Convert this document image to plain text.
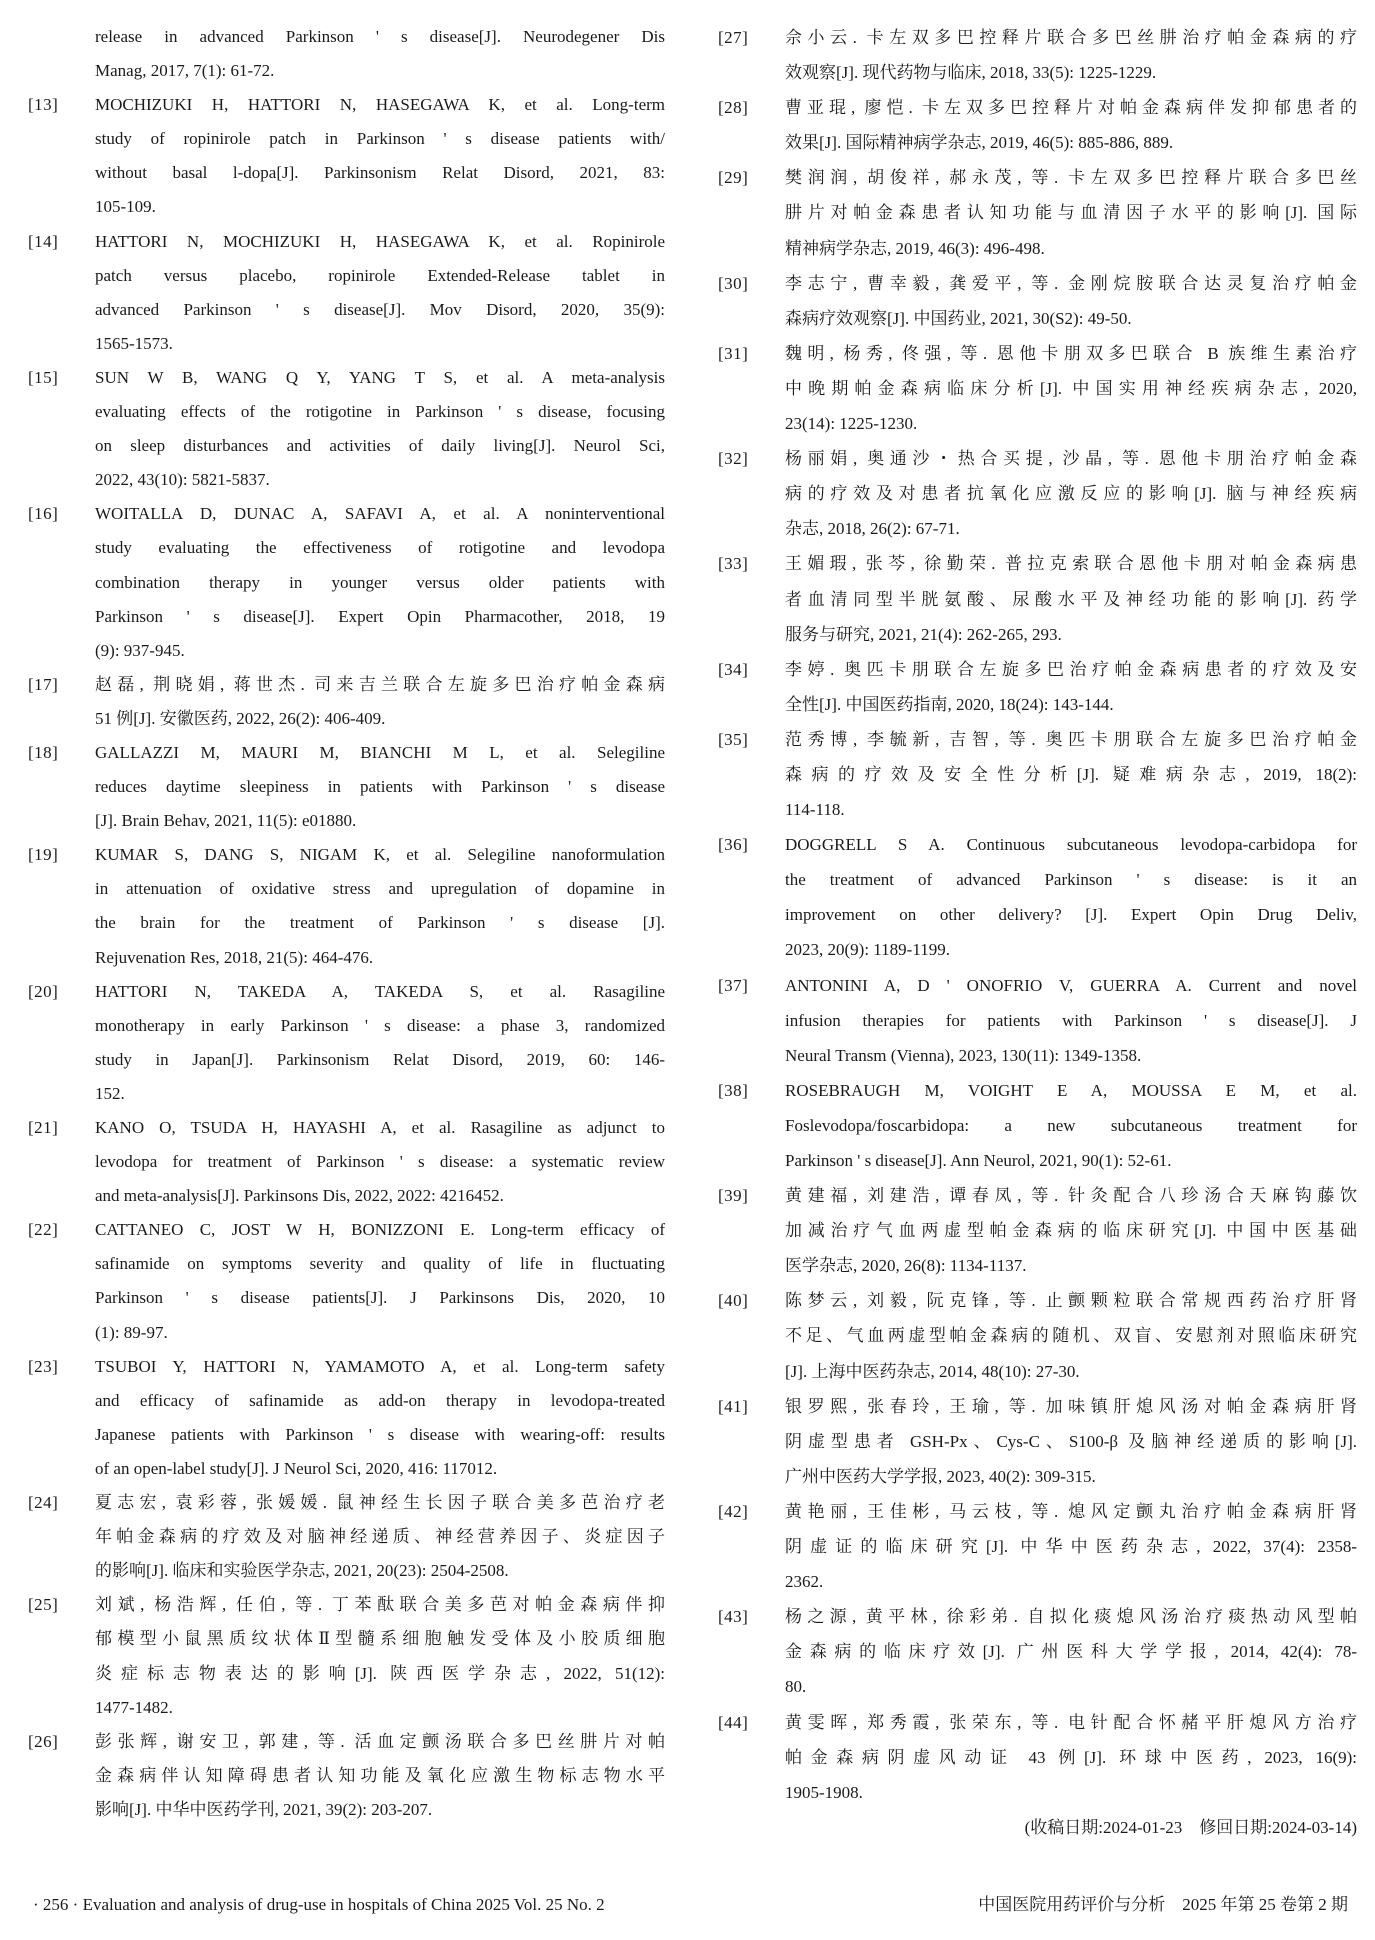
release in advanced Parkinson ' s disease[J]. Neurodegener Dis
Manag, 2017, 7(1): 61-72.
[13] MOCHIZUKI H, HATTORI N, HASEGAWA K, et al. Long-term
study of ropinirole patch in Parkinson ' s disease patients with/
without basal l-dopa[J]. Parkinsonism Relat Disord, 2021, 83:
105-109.
[14] HATTORI N, MOCHIZUKI H, HASEGAWA K, et al. Ropinirole
patch versus placebo, ropinirole Extended-Release tablet in
advanced Parkinson ' s disease[J]. Mov Disord, 2020, 35(9):
1565-1573.
[15] SUN W B, WANG Q Y, YANG T S, et al. A meta-analysis
evaluating effects of the rotigotine in Parkinson ' s disease, focusing
on sleep disturbances and activities of daily living[J]. Neurol Sci,
2022, 43(10): 5821-5837.
[16] WOITALLA D, DUNAC A, SAFAVI A, et al. A noninterventional
study evaluating the effectiveness of rotigotine and levodopa
combination therapy in younger versus older patients with
Parkinson ' s disease[J]. Expert Opin Pharmacother, 2018, 19
(9): 937-945.
[17] 赵磊, 荆晓娟, 蒋世杰. 司来吉兰联合左旋多巴治疗帕金森病
51 例[J]. 安徽医药, 2022, 26(2): 406-409.
[18] GALLAZZI M, MAURI M, BIANCHI M L, et al. Selegiline
reduces daytime sleepiness in patients with Parkinson ' s disease
[J]. Brain Behav, 2021, 11(5): e01880.
[19] KUMAR S, DANG S, NIGAM K, et al. Selegiline nanoformulation
in attenuation of oxidative stress and upregulation of dopamine in
the brain for the treatment of Parkinson ' s disease [J].
Rejuvenation Res, 2018, 21(5): 464-476.
[20] HATTORI N, TAKEDA A, TAKEDA S, et al. Rasagiline
monotherapy in early Parkinson ' s disease: a phase 3, randomized
study in Japan[J]. Parkinsonism Relat Disord, 2019, 60: 146-
152.
[21] KANO O, TSUDA H, HAYASHI A, et al. Rasagiline as adjunct to
levodopa for treatment of Parkinson ' s disease: a systematic review
and meta-analysis[J]. Parkinsons Dis, 2022, 2022: 4216452.
[22] CATTANEO C, JOST W H, BONIZZONI E. Long-term efficacy of
safinamide on symptoms severity and quality of life in fluctuating
Parkinson ' s disease patients[J]. J Parkinsons Dis, 2020, 10
(1): 89-97.
[23] TSUBOI Y, HATTORI N, YAMAMOTO A, et al. Long-term safety
and efficacy of safinamide as add-on therapy in levodopa-treated
Japanese patients with Parkinson ' s disease with wearing-off: results
of an open-label study[J]. J Neurol Sci, 2020, 416: 117012.
[24] 夏志宏, 袁彩蓉, 张媛媛. 鼠神经生长因子联合美多芭治疗老
年帕金森病的疗效及对脑神经递质、神经营养因子、炎症因子
的影响[J]. 临床和实验医学杂志, 2021, 20(23): 2504-2508.
[25] 刘斌, 杨浩辉, 任伯, 等. 丁苯酞联合美多芭对帕金森病伴抑
郁模型小鼠黑质纹状体Ⅱ型髓系细胞触发受体及小胶质细胞
炎症标志物表达的影响[J]. 陕西医学杂志, 2022, 51(12):
1477-1482.
[26] 彭张辉, 谢安卫, 郭建, 等. 活血定颤汤联合多巴丝肼片对帕
金森病伴认知障碍患者认知功能及氧化应激生物标志物水平
影响[J]. 中华中医药学刊, 2021, 39(2): 203-207.
[27] 佘小云. 卡左双多巴控释片联合多巴丝肼治疗帕金森病的疗
效观察[J]. 现代药物与临床, 2018, 33(5): 1225-1229.
[28] 曹亚琨, 廖恺. 卡左双多巴控释片对帕金森病伴发抑郁患者的
效果[J]. 国际精神病学杂志, 2019, 46(5): 885-886, 889.
[29] 樊润润, 胡俊祥, 郝永茂, 等. 卡左双多巴控释片联合多巴丝
肼片对帕金森患者认知功能与血清因子水平的影响[J]. 国际
精神病学杂志, 2019, 46(3): 496-498.
[30] 李志宁, 曹幸毅, 龚爱平, 等. 金刚烷胺联合达灵复治疗帕金
森病疗效观察[J]. 中国药业, 2021, 30(S2): 49-50.
[31] 魏明, 杨秀, 佟强, 等. 恩他卡朋双多巴联合 B 族维生素治疗
中晚期帕金森病临床分析[J]. 中国实用神经疾病杂志, 2020,
23(14): 1225-1230.
[32] 杨丽娟, 奥通沙・热合买提, 沙晶, 等. 恩他卡朋治疗帕金森
病的疗效及对患者抗氧化应激反应的影响[J]. 脑与神经疾病
杂志, 2018, 26(2): 67-71.
[33] 王媚瑕, 张芩, 徐勤荣. 普拉克索联合恩他卡朋对帕金森病患
者血清同型半胱氨酸、尿酸水平及神经功能的影响[J]. 药学
服务与研究, 2021, 21(4): 262-265, 293.
[34] 李婷. 奥匹卡朋联合左旋多巴治疗帕金森病患者的疗效及安
全性[J]. 中国医药指南, 2020, 18(24): 143-144.
[35] 范秀博, 李毓新, 吉智, 等. 奥匹卡朋联合左旋多巴治疗帕金
森病的疗效及安全性分析[J]. 疑难病杂志, 2019, 18(2):
114-118.
[36] DOGGRELL S A. Continuous subcutaneous levodopa-carbidopa for
the treatment of advanced Parkinson ' s disease: is it an
improvement on other delivery? [J]. Expert Opin Drug Deliv,
2023, 20(9): 1189-1199.
[37] ANTONINI A, D ' ONOFRIO V, GUERRA A. Current and novel
infusion therapies for patients with Parkinson ' s disease[J]. J
Neural Transm (Vienna), 2023, 130(11): 1349-1358.
[38] ROSEBRAUGH M, VOIGHT E A, MOUSSA E M, et al.
Foslevodopa/foscarbidopa: a new subcutaneous treatment for
Parkinson ' s disease[J]. Ann Neurol, 2021, 90(1): 52-61.
[39] 黄建福, 刘建浩, 谭春凤, 等. 针灸配合八珍汤合天麻钩藤饮
加减治疗气血两虚型帕金森病的临床研究[J]. 中国中医基础
医学杂志, 2020, 26(8): 1134-1137.
[40] 陈梦云, 刘毅, 阮克锋, 等. 止颤颗粒联合常规西药治疗肝肾
不足、气血两虚型帕金森病的随机、双盲、安慰剂对照临床研究
[J]. 上海中医药杂志, 2014, 48(10): 27-30.
[41] 银罗熙, 张春玲, 王瑜, 等. 加味镇肝熄风汤对帕金森病肝肾
阴虚型患者 GSH-Px、Cys-C、S100-β 及脑神经递质的影响[J].
广州中医药大学学报, 2023, 40(2): 309-315.
[42] 黄艳丽, 王佳彬, 马云枝, 等. 熄风定颤丸治疗帕金森病肝肾
阴虚证的临床研究[J]. 中华中医药杂志, 2022, 37(4): 2358-
2362.
[43] 杨之源, 黄平林, 徐彩弟. 自拟化痰熄风汤治疗痰热动风型帕
金森病的临床疗效[J]. 广州医科大学学报, 2014, 42(4): 78-
80.
[44] 黄雯晖, 郑秀霞, 张荣东, 等. 电针配合怀赭平肝熄风方治疗
帕金森病阴虚风动证 43 例[J]. 环球中医药, 2023, 16(9):
1905-1908.
(收稿日期:2024-01-23　修回日期:2024-03-14)
· 256 · Evaluation and analysis of drug-use in hospitals of China 2025 Vol. 25 No. 2	中国医院用药评价与分析　2025 年第 25 卷第 2 期
